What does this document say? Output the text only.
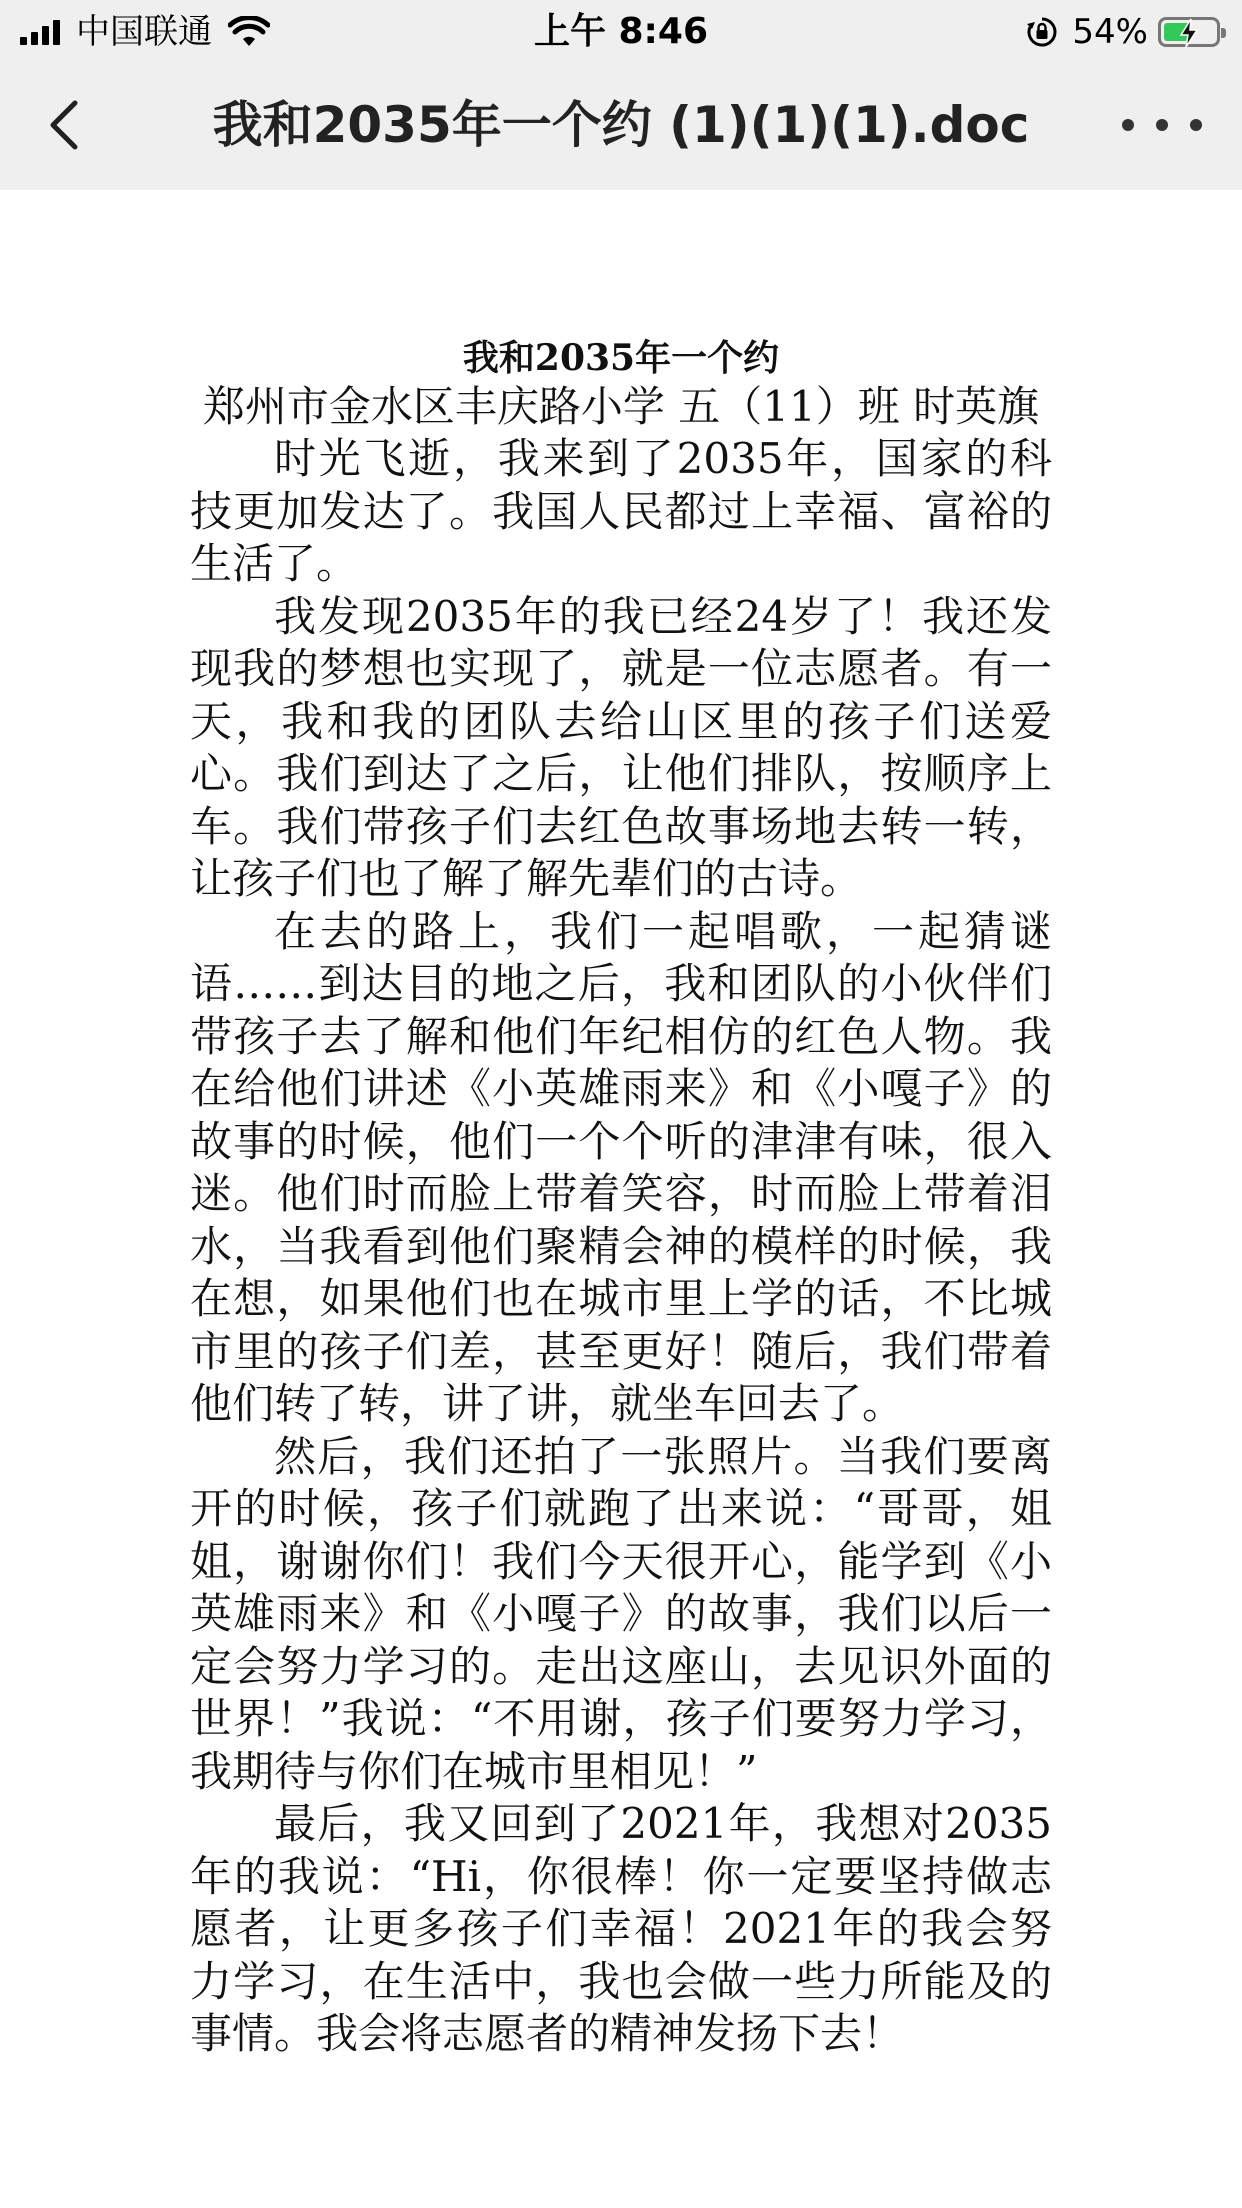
中国联通	上午 8:46	54%
我和2035年一个约 (1)(1)(1).doc

我和2035年一个约

郑州市金水区丰庆路小学 五（11）班 时英旗

时光飞逝，我来到了2035年，国家的科技更加发达了。我国人民都过上幸福、富裕的生活了。

我发现2035年的我已经24岁了！我还发现我的梦想也实现了，就是一位志愿者。有一天，我和我的团队去给山区里的孩子们送爱心。我们到达了之后，让他们排队，按顺序上车。我们带孩子们去红色故事场地去转一转，让孩子们也了解了解先辈们的古诗。

在去的路上，我们一起唱歌，一起猜谜语……到达目的地之后，我和团队的小伙伴们带孩子去了解和他们年纪相仿的红色人物。我在给他们讲述《小英雄雨来》和《小嘎子》的故事的时候，他们一个个听的津津有味，很入迷。他们时而脸上带着笑容，时而脸上带着泪水，当我看到他们聚精会神的模样的时候，我在想，如果他们也在城市里上学的话，不比城市里的孩子们差，甚至更好！随后，我们带着他们转了转，讲了讲，就坐车回去了。

然后，我们还拍了一张照片。当我们要离开的时候，孩子们就跑了出来说：“哥哥，姐姐，谢谢你们！我们今天很开心，能学到《小英雄雨来》和《小嘎子》的故事，我们以后一定会努力学习的。走出这座山，去见识外面的世界！”我说：“不用谢，孩子们要努力学习，我期待与你们在城市里相见！”

最后，我又回到了2021年，我想对2035年的我说：“Hi，你很棒！你一定要坚持做志愿者，让更多孩子们幸福！2021年的我会努力学习，在生活中，我也会做一些力所能及的事情。我会将志愿者的精神发扬下去！
